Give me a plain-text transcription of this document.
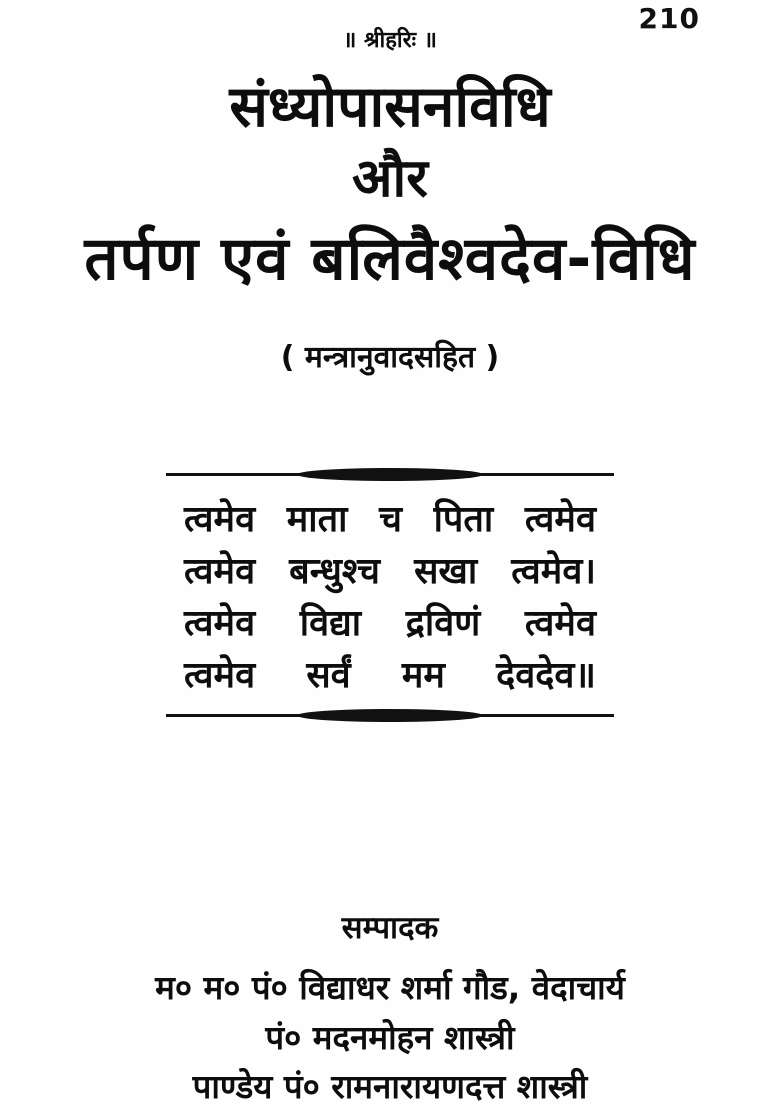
210
॥ श्रीहरिः ॥
संध्योपासनविधि
और
तर्पण एवं बलिवैश्वदेव-विधि
( मन्त्रानुवादसहित )
त्वमेव माता च पिता त्वमेव
त्वमेव बन्धुश्च सखा त्वमेव।
त्वमेव विद्या द्रविणं त्वमेव
त्वमेव सर्वं मम देवदेव॥
सम्पादक
म० म० पं० विद्याधर शर्मा गौड, वेदाचार्य
पं० मदनमोहन शास्त्री
पाण्डेय पं० रामनारायणदत्त शास्त्री
